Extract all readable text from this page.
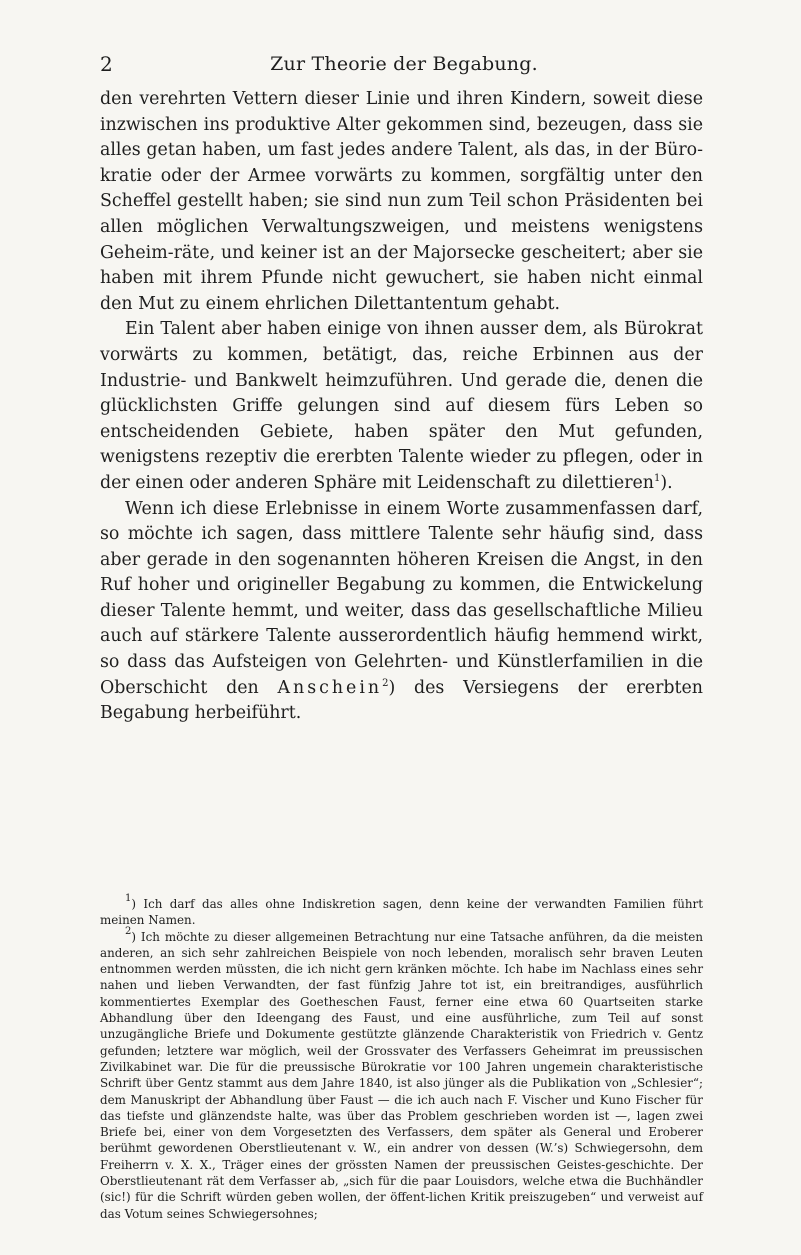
2	Zur Theorie der Begabung.

den verehrten Vettern dieser Linie und ihren Kindern, soweit diese inzwischen ins produktive Alter gekommen sind, bezeugen, dass sie alles getan haben, um fast jedes andere Talent, als das, in der Büro-kratie oder der Armee vorwärts zu kommen, sorgfältig unter den Scheffel gestellt haben; sie sind nun zum Teil schon Präsidenten bei allen möglichen Verwaltungszweigen, und meistens wenigstens Geheim-räte, und keiner ist an der Majorsecke gescheitert; aber sie haben mit ihrem Pfunde nicht gewuchert, sie haben nicht einmal den Mut zu einem ehrlichen Dilettantentum gehabt.

Ein Talent aber haben einige von ihnen ausser dem, als Bürokrat vorwärts zu kommen, betätigt, das, reiche Erbinnen aus der Industrie- und Bankwelt heimzuführen. Und gerade die, denen die glücklichsten Griffe gelungen sind auf diesem fürs Leben so entscheidenden Gebiete, haben später den Mut gefunden, wenigstens rezeptiv die ererbten Talente wieder zu pflegen, oder in der einen oder anderen Sphäre mit Leidenschaft zu dilettieren$^1$).

Wenn ich diese Erlebnisse in einem Worte zusammenfassen darf, so möchte ich sagen, dass mittlere Talente sehr häufig sind, dass aber gerade in den sogenannten höheren Kreisen die Angst, in den Ruf hoher und origineller Begabung zu kommen, die Entwickelung dieser Talente hemmt, und weiter, dass das gesellschaftliche Milieu auch auf stärkere Talente ausserordentlich häufig hemmend wirkt, so dass das Aufsteigen von Gelehrten- und Künstlerfamilien in die Oberschicht den Anschein$^2$) des Versiegens der ererbten Begabung herbeiführt.

$^1$) Ich darf das alles ohne Indiskretion sagen, denn keine der verwandten Familien führt meinen Namen.

$^2$) Ich möchte zu dieser allgemeinen Betrachtung nur eine Tatsache anführen, da die meisten anderen, an sich sehr zahlreichen Beispiele von noch lebenden, moralisch sehr braven Leuten entnommen werden müssten, die ich nicht gern kränken möchte. Ich habe im Nachlass eines sehr nahen und lieben Verwandten, der fast fünfzig Jahre tot ist, ein breitrandiges, ausführlich kommentiertes Exemplar des Goetheschen Faust, ferner eine etwa 60 Quartseiten starke Abhandlung über den Ideengang des Faust, und eine ausführliche, zum Teil auf sonst unzugängliche Briefe und Dokumente gestützte glänzende Charakteristik von Friedrich v. Gentz gefunden; letztere war möglich, weil der Grossvater des Verfassers Geheimrat im preussischen Zivilkabinet war. Die für die preussische Bürokratie vor 100 Jahren ungemein charakteristische Schrift über Gentz stammt aus dem Jahre 1840, ist also jünger als die Publikation von „Schlesier“; dem Manuskript der Abhandlung über Faust — die ich auch nach F. Vischer und Kuno Fischer für das tiefste und glänzendste halte, was über das Problem geschrieben worden ist —, lagen zwei Briefe bei, einer von dem Vorgesetzten des Verfassers, dem später als General und Eroberer berühmt gewordenen Oberstlieutenant v. W., ein andrer von dessen (W.’s) Schwiegersohn, dem Freiherrn v. X. X., Träger eines der grössten Namen der preussischen Geistes-geschichte. Der Oberstlieutenant rät dem Verfasser ab, „sich für die paar Louisdors, welche etwa die Buchhändler (sic!) für die Schrift würden geben wollen, der öffent-lichen Kritik preiszugeben“ und verweist auf das Votum seines Schwiegersohnes;
